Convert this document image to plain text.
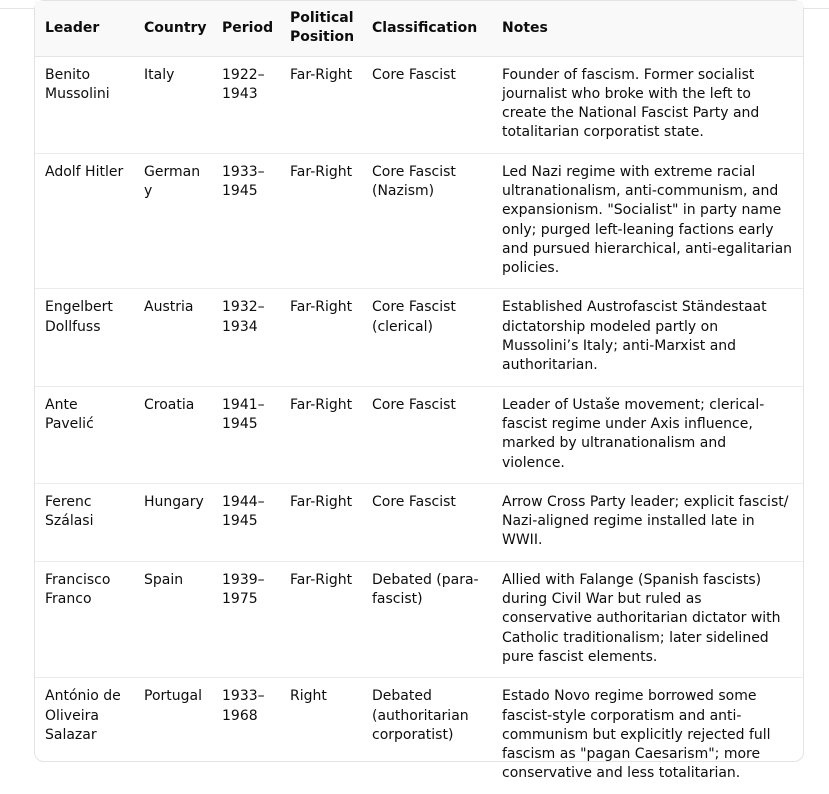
Leader	Country	Period	Political Position	Classification	Notes
Benito Mussolini	Italy	1922–1943	Far-Right	Core Fascist	Founder of fascism. Former socialist journalist who broke with the left to create the National Fascist Party and totalitarian corporatist state.
Adolf Hitler	Germany	1933–1945	Far-Right	Core Fascist (Nazism)	Led Nazi regime with extreme racial ultranationalism, anti-communism, and expansionism. "Socialist" in party name only; purged left-leaning factions early and pursued hierarchical, anti-egalitarian policies.
Engelbert Dollfuss	Austria	1932–1934	Far-Right	Core Fascist (clerical)	Established Austrofascist Ständestaat dictatorship modeled partly on Mussolini’s Italy; anti-Marxist and authoritarian.
Ante Pavelić	Croatia	1941–1945	Far-Right	Core Fascist	Leader of Ustaše movement; clerical-fascist regime under Axis influence, marked by ultranationalism and violence.
Ferenc Szálasi	Hungary	1944–1945	Far-Right	Core Fascist	Arrow Cross Party leader; explicit fascist/ Nazi-aligned regime installed late in WWII.
Francisco Franco	Spain	1939–1975	Far-Right	Debated (para-fascist)	Allied with Falange (Spanish fascists) during Civil War but ruled as conservative authoritarian dictator with Catholic traditionalism; later sidelined pure fascist elements.
António de Oliveira Salazar	Portugal	1933–1968	Right	Debated (authoritarian corporatist)	Estado Novo regime borrowed some fascist-style corporatism and anti-communism but explicitly rejected full fascism as "pagan Caesarism"; more conservative and less totalitarian.
